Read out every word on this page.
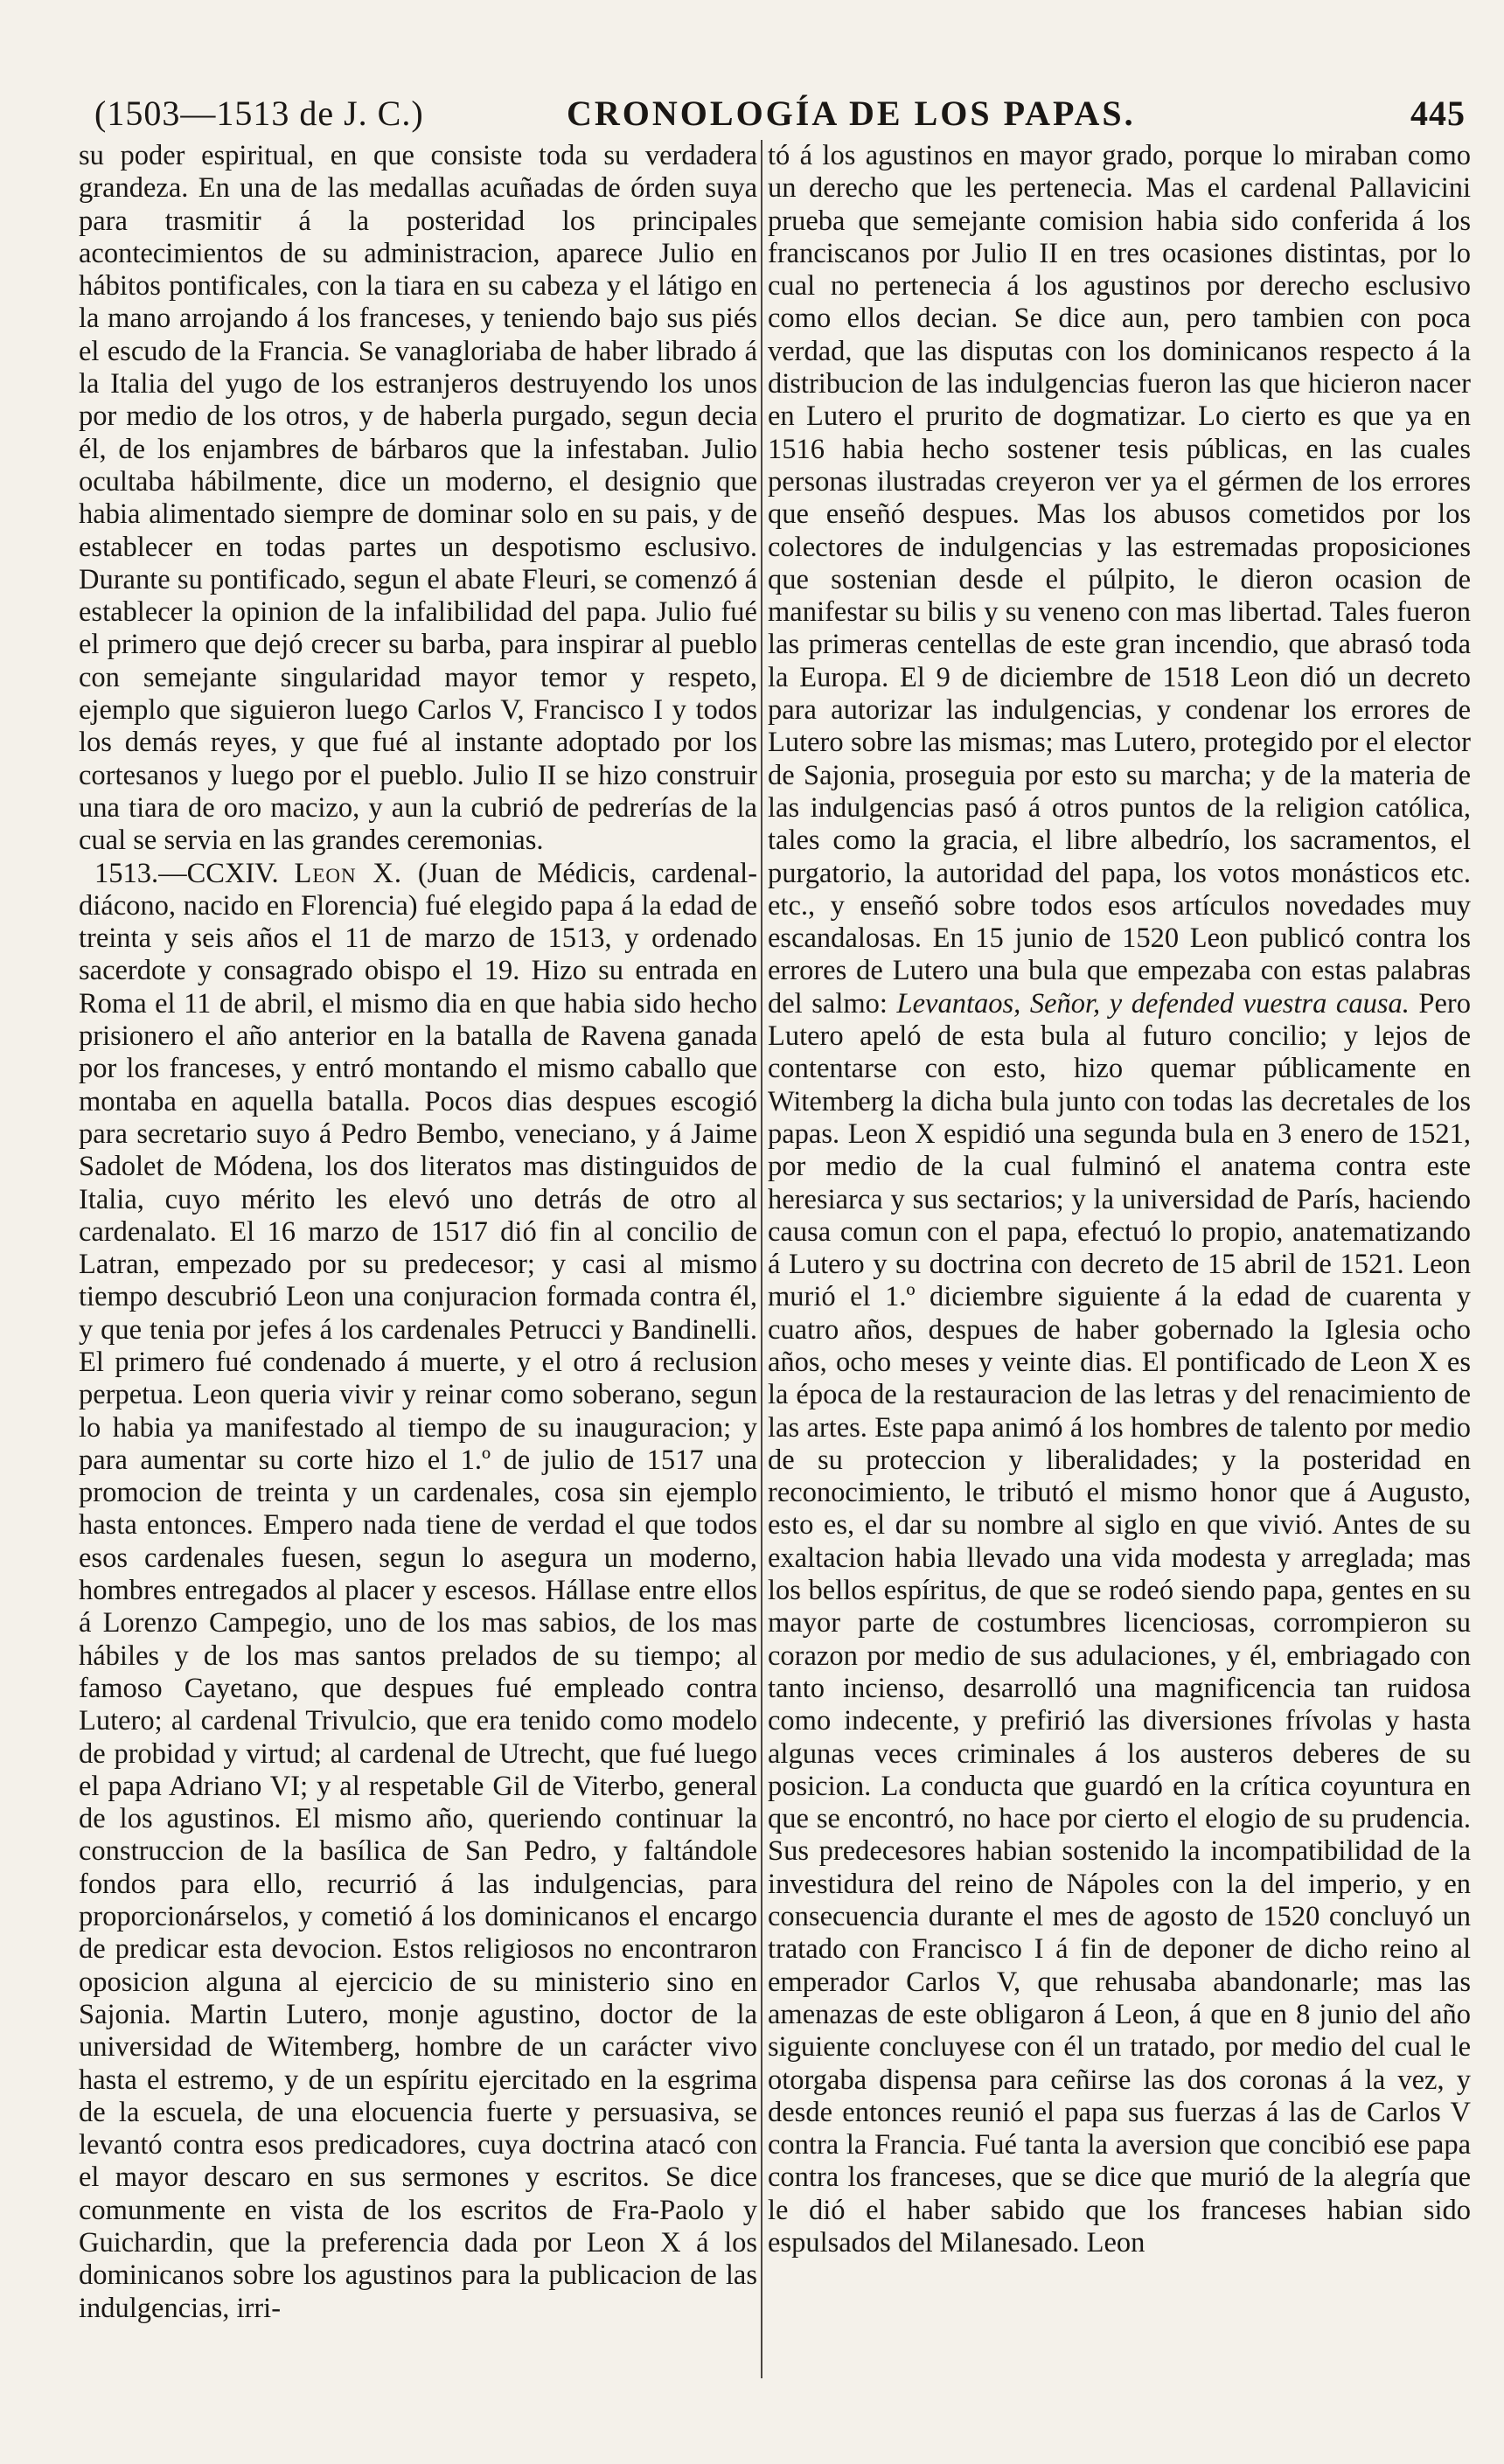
(1503—1513 de J. C.)	CRONOLOGÍA DE LOS PAPAS.	445

su poder espiritual, en que consiste toda su verdadera grandeza. En una de las medallas acuñadas de órden suya para trasmitir á la posteridad los principales acontecimientos de su administracion, aparece Julio en hábitos pontificales, con la tiara en su cabeza y el látigo en la mano arrojando á los franceses, y teniendo bajo sus piés el escudo de la Francia. Se vanagloriaba de haber librado á la Italia del yugo de los estranjeros destruyendo los unos por medio de los otros, y de haberla purgado, segun decia él, de los enjambres de bárbaros que la infestaban. Julio ocultaba hábilmente, dice un moderno, el designio que habia alimentado siempre de dominar solo en su pais, y de establecer en todas partes un despotismo esclusivo. Durante su pontificado, segun el abate Fleuri, se comenzó á establecer la opinion de la infalibilidad del papa. Julio fué el primero que dejó crecer su barba, para inspirar al pueblo con semejante singularidad mayor temor y respeto, ejemplo que siguieron luego Carlos V, Francisco I y todos los demás reyes, y que fué al instante adoptado por los cortesanos y luego por el pueblo. Julio II se hizo construir una tiara de oro macizo, y aun la cubrió de pedrerías de la cual se servia en las grandes ceremonias.

1513.—CCXIV. Leon X. (Juan de Médicis, cardenal-diácono, nacido en Florencia) fué elegido papa á la edad de treinta y seis años el 11 de marzo de 1513, y ordenado sacerdote y consagrado obispo el 19. Hizo su entrada en Roma el 11 de abril, el mismo dia en que habia sido hecho prisionero el año anterior en la batalla de Ravena ganada por los franceses, y entró montando el mismo caballo que montaba en aquella batalla. Pocos dias despues escogió para secretario suyo á Pedro Bembo, veneciano, y á Jaime Sadolet de Módena, los dos literatos mas distinguidos de Italia, cuyo mérito les elevó uno detrás de otro al cardenalato. El 16 marzo de 1517 dió fin al concilio de Latran, empezado por su predecesor; y casi al mismo tiempo descubrió Leon una conjuracion formada contra él, y que tenia por jefes á los cardenales Petrucci y Bandinelli. El primero fué condenado á muerte, y el otro á reclusion perpetua. Leon queria vivir y reinar como soberano, segun lo habia ya manifestado al tiempo de su inauguracion; y para aumentar su corte hizo el 1.º de julio de 1517 una promocion de treinta y un cardenales, cosa sin ejemplo hasta entonces. Empero nada tiene de verdad el que todos esos cardenales fuesen, segun lo asegura un moderno, hombres entregados al placer y escesos. Hállase entre ellos á Lorenzo Campegio, uno de los mas sabios, de los mas hábiles y de los mas santos prelados de su tiempo; al famoso Cayetano, que despues fué empleado contra Lutero; al cardenal Trivulcio, que era tenido como modelo de probidad y virtud; al cardenal de Utrecht, que fué luego el papa Adriano VI; y al respetable Gil de Viterbo, general de los agustinos. El mismo año, queriendo continuar la construccion de la basílica de San Pedro, y faltándole fondos para ello, recurrió á las indulgencias, para proporcionárselos, y cometió á los dominicanos el encargo de predicar esta devocion. Estos religiosos no encontraron oposicion alguna al ejercicio de su ministerio sino en Sajonia. Martin Lutero, monje agustino, doctor de la universidad de Witemberg, hombre de un carácter vivo hasta el estremo, y de un espíritu ejercitado en la esgrima de la escuela, de una elocuencia fuerte y persuasiva, se levantó contra esos predicadores, cuya doctrina atacó con el mayor descaro en sus sermones y escritos. Se dice comunmente en vista de los escritos de Fra-Paolo y Guichardin, que la preferencia dada por Leon X á los dominicanos sobre los agustinos para la publicacion de las indulgencias, irri-

tó á los agustinos en mayor grado, porque lo miraban como un derecho que les pertenecia. Mas el cardenal Pallavicini prueba que semejante comision habia sido conferida á los franciscanos por Julio II en tres ocasiones distintas, por lo cual no pertenecia á los agustinos por derecho esclusivo como ellos decian. Se dice aun, pero tambien con poca verdad, que las disputas con los dominicanos respecto á la distribucion de las indulgencias fueron las que hicieron nacer en Lutero el prurito de dogmatizar. Lo cierto es que ya en 1516 habia hecho sostener tesis públicas, en las cuales personas ilustradas creyeron ver ya el gérmen de los errores que enseñó despues. Mas los abusos cometidos por los colectores de indulgencias y las estremadas proposiciones que sostenian desde el púlpito, le dieron ocasion de manifestar su bilis y su veneno con mas libertad. Tales fueron las primeras centellas de este gran incendio, que abrasó toda la Europa. El 9 de diciembre de 1518 Leon dió un decreto para autorizar las indulgencias, y condenar los errores de Lutero sobre las mismas; mas Lutero, protegido por el elector de Sajonia, proseguia por esto su marcha; y de la materia de las indulgencias pasó á otros puntos de la religion católica, tales como la gracia, el libre albedrío, los sacramentos, el purgatorio, la autoridad del papa, los votos monásticos etc. etc., y enseñó sobre todos esos artículos novedades muy escandalosas. En 15 junio de 1520 Leon publicó contra los errores de Lutero una bula que empezaba con estas palabras del salmo: Levantaos, Señor, y defended vuestra causa. Pero Lutero apeló de esta bula al futuro concilio; y lejos de contentarse con esto, hizo quemar públicamente en Witemberg la dicha bula junto con todas las decretales de los papas. Leon X espidió una segunda bula en 3 enero de 1521, por medio de la cual fulminó el anatema contra este heresiarca y sus sectarios; y la universidad de París, haciendo causa comun con el papa, efectuó lo propio, anatematizando á Lutero y su doctrina con decreto de 15 abril de 1521. Leon murió el 1.º diciembre siguiente á la edad de cuarenta y cuatro años, despues de haber gobernado la Iglesia ocho años, ocho meses y veinte dias. El pontificado de Leon X es la época de la restauracion de las letras y del renacimiento de las artes. Este papa animó á los hombres de talento por medio de su proteccion y liberalidades; y la posteridad en reconocimiento, le tributó el mismo honor que á Augusto, esto es, el dar su nombre al siglo en que vivió. Antes de su exaltacion habia llevado una vida modesta y arreglada; mas los bellos espíritus, de que se rodeó siendo papa, gentes en su mayor parte de costumbres licenciosas, corrompieron su corazon por medio de sus adulaciones, y él, embriagado con tanto incienso, desarrolló una magnificencia tan ruidosa como indecente, y prefirió las diversiones frívolas y hasta algunas veces criminales á los austeros deberes de su posicion. La conducta que guardó en la crítica coyuntura en que se encontró, no hace por cierto el elogio de su prudencia. Sus predecesores habian sostenido la incompatibilidad de la investidura del reino de Nápoles con la del imperio, y en consecuencia durante el mes de agosto de 1520 concluyó un tratado con Francisco I á fin de deponer de dicho reino al emperador Carlos V, que rehusaba abandonarle; mas las amenazas de este obligaron á Leon, á que en 8 junio del año siguiente concluyese con él un tratado, por medio del cual le otorgaba dispensa para ceñirse las dos coronas á la vez, y desde entonces reunió el papa sus fuerzas á las de Carlos V contra la Francia. Fué tanta la aversion que concibió ese papa contra los franceses, que se dice que murió de la alegría que le dió el haber sabido que los franceses habian sido espulsados del Milanesado. Leon
